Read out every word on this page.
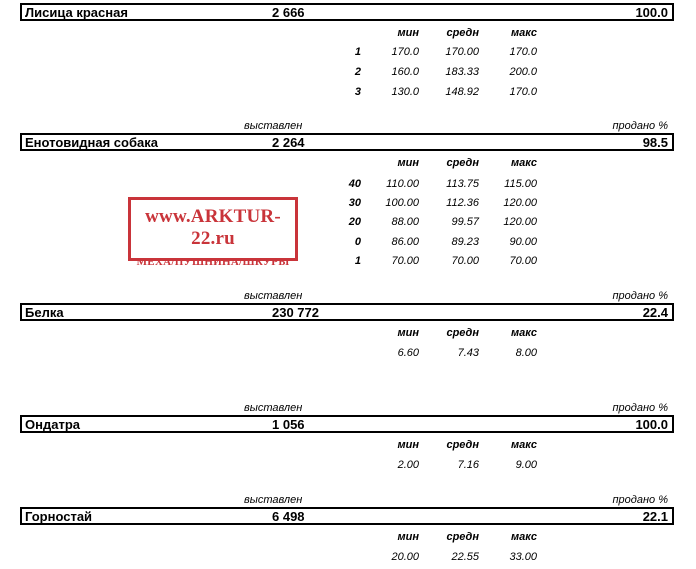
Лисица красная	2 666	100.0
мин	средн	макс
1	170.0	170.00	170.0
2	160.0	183.33	200.0
3	130.0	148.92	170.0
выставлен	продано %
Енотовидная собака	2 264	98.5
мин	средн	макс
40	110.00	113.75	115.00
30	100.00	112.36	120.00
20	88.00	99.57	120.00
0	86.00	89.23	90.00
1	70.00	70.00	70.00
www.ARKTUR-22.ru
МЕХА/ПУШНИНА/ШКУРЫ
выставлен	продано %
Белка	230 772	22.4
мин	средн	макс
6.60	7.43	8.00
выставлен	продано %
Ондатра	1 056	100.0
мин	средн	макс
2.00	7.16	9.00
выставлен	продано %
Горностай	6 498	22.1
мин	средн	макс
20.00	22.55	33.00
